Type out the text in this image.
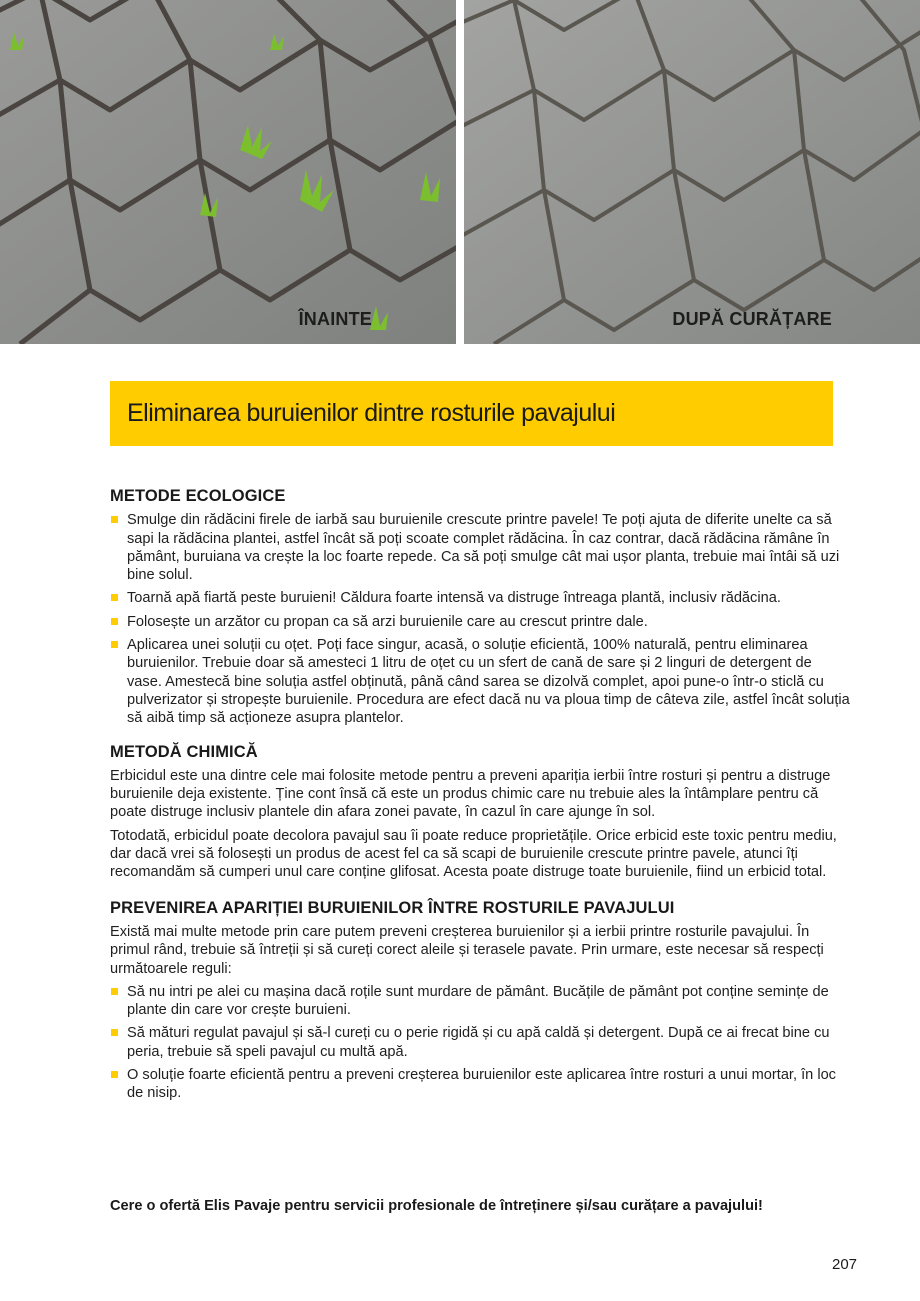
ÎNAINTE	DUPĂ CURĂȚARE
Eliminarea buruienilor dintre rosturile pavajului
METODE ECOLOGICE
Smulge din rădăcini firele de iarbă sau buruienile crescute printre pavele! Te poți ajuta de diferite unelte ca să sapi la rădăcina plantei, astfel încât să poți scoate complet rădăcina. În caz contrar, dacă rădăcina rămâne în pământ, buruiana va crește la loc foarte repede. Ca să poți smulge cât mai ușor planta, trebuie mai întâi să uzi bine solul.
Toarnă apă fiartă peste buruieni! Căldura foarte intensă va distruge întreaga plantă, inclusiv rădăcina.
Folosește un arzător cu propan ca să arzi buruienile care au crescut printre dale.
Aplicarea unei soluții cu oțet. Poți face singur, acasă, o soluție eficientă, 100% naturală, pentru eliminarea buruienilor. Trebuie doar să amestecі 1 litru de oțet cu un sfert de cană de sare și 2 linguri de detergent de vase. Amestecă bine soluția astfel obținută, până când sarea se dizolvă complet, apoi pune-o într-o sticlă cu pulverizator și stropește buruienile. Procedura are efect dacă nu va ploua timp de câteva zile, astfel încât soluția să aibă timp să acționeze asupra plantelor.
METODĂ CHIMICĂ

Erbicidul este una dintre cele mai folosite metode pentru a preveni apariția ierbii între rosturi și pentru a distruge buruienile deja existente. Ține cont însă că este un produs chimic care nu trebuie ales la întâmplare pentru că poate distruge inclusiv plantele din afara zonei pavate, în cazul în care ajunge în sol.

Totodată, erbicidul poate decolora pavajul sau îi poate reduce proprietățile. Orice erbicid este toxic pentru mediu, dar dacă vrei să folosești un produs de acest fel ca să scapi de buruienile crescute printre pavele, atunci îți recomandăm să cumperi unul care conține glifosat. Acesta poate distruge toate buruienile, fiind un erbicid total.

PREVENIREA APARIȚIEI BURUIENILOR ÎNTRE ROSTURILE PAVAJULUI

Există mai multe metode prin care putem preveni creșterea buruienilor și a ierbii printre rosturile pavajului. În primul rând, trebuie să întreții și să cureți corect aleile și terasele pavate. Prin urmare, este necesar să respecți următoarele reguli:

Să nu intri pe alei cu mașina dacă roțile sunt murdare de pământ. Bucățile de pământ pot conține semințe de plante din care vor crește buruieni.
Să mături regulat pavajul și să-l cureți cu o perie rigidă și cu apă caldă și detergent. După ce ai frecat bine cu peria, trebuie să speli pavajul cu multă apă.
O soluție foarte eficientă pentru a preveni creșterea buruienilor este aplicarea între rosturi a unui mortar, în loc de nisip.
Cere o ofertă Elis Pavaje pentru servicii profesionale de întreținere și/sau curățare a pavajului!
207
